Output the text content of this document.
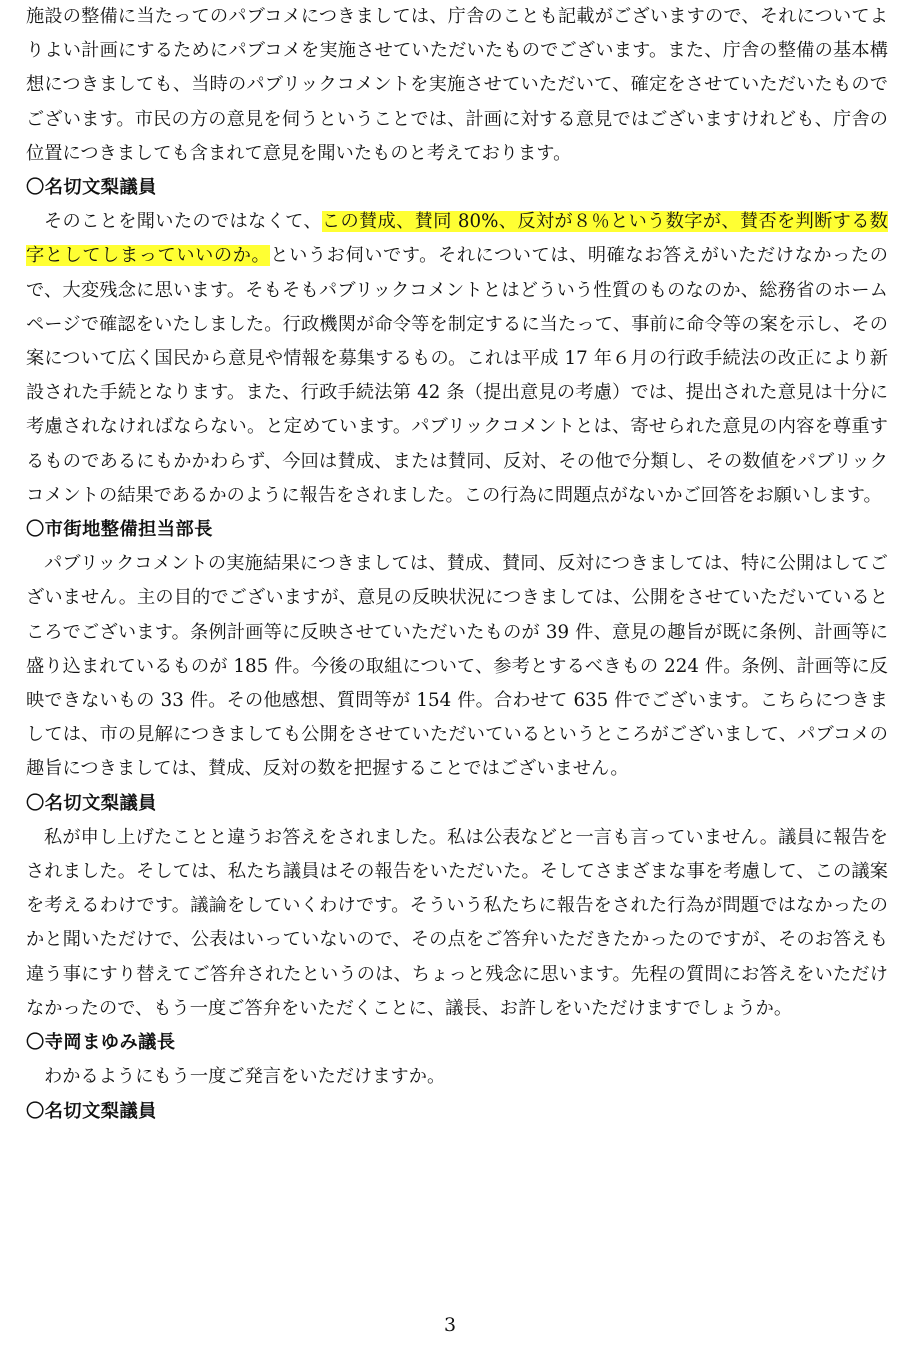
施設の整備に当たってのパブコメにつきましては、庁舎のことも記載がございますので、それについてよりよい計画にするためにパブコメを実施させていただいたものでございます。また、庁舎の整備の基本構想につきましても、当時のパブリックコメントを実施させていただいて、確定をさせていただいたものでございます。市民の方の意見を伺うということでは、計画に対する意見ではございますけれども、庁舎の位置につきましても含まれて意見を聞いたものと考えております。

〇名切文梨議員

そのことを聞いたのではなくて、この賛成、賛同 80%、反対が８％という数字が、賛否を判断する数字としてしまっていいのか。というお伺いです。それについては、明確なお答えがいただけなかったので、大変残念に思います。そもそもパブリックコメントとはどういう性質のものなのか、総務省のホームページで確認をいたしました。行政機関が命令等を制定するに当たって、事前に命令等の案を示し、その案について広く国民から意見や情報を募集するもの。これは平成 17 年６月の行政手続法の改正により新設された手続となります。また、行政手続法第 42 条（提出意見の考慮）では、提出された意見は十分に考慮されなければならない。と定めています。パブリックコメントとは、寄せられた意見の内容を尊重するものであるにもかかわらず、今回は賛成、または賛同、反対、その他で分類し、その数値をパブリックコメントの結果であるかのように報告をされました。この行為に問題点がないかご回答をお願いします。

〇市街地整備担当部長

パブリックコメントの実施結果につきましては、賛成、賛同、反対につきましては、特に公開はしてございません。主の目的でございますが、意見の反映状況につきましては、公開をさせていただいているところでございます。条例計画等に反映させていただいたものが 39 件、意見の趣旨が既に条例、計画等に盛り込まれているものが 185 件。今後の取組について、参考とするべきもの 224 件。条例、計画等に反映できないもの 33 件。その他感想、質問等が 154 件。合わせて 635 件でございます。こちらにつきましては、市の見解につきましても公開をさせていただいているというところがございまして、パブコメの趣旨につきましては、賛成、反対の数を把握することではございません。

〇名切文梨議員

私が申し上げたことと違うお答えをされました。私は公表などと一言も言っていません。議員に報告をされました。そしては、私たち議員はその報告をいただいた。そしてさまざまな事を考慮して、この議案を考えるわけです。議論をしていくわけです。そういう私たちに報告をされた行為が問題ではなかったのかと聞いただけで、公表はいっていないので、その点をご答弁いただきたかったのですが、そのお答えも違う事にすり替えてご答弁されたというのは、ちょっと残念に思います。先程の質問にお答えをいただけなかったので、もう一度ご答弁をいただくことに、議長、お許しをいただけますでしょうか。

〇寺岡まゆみ議長

わかるようにもう一度ご発言をいただけますか。

〇名切文梨議員

3
